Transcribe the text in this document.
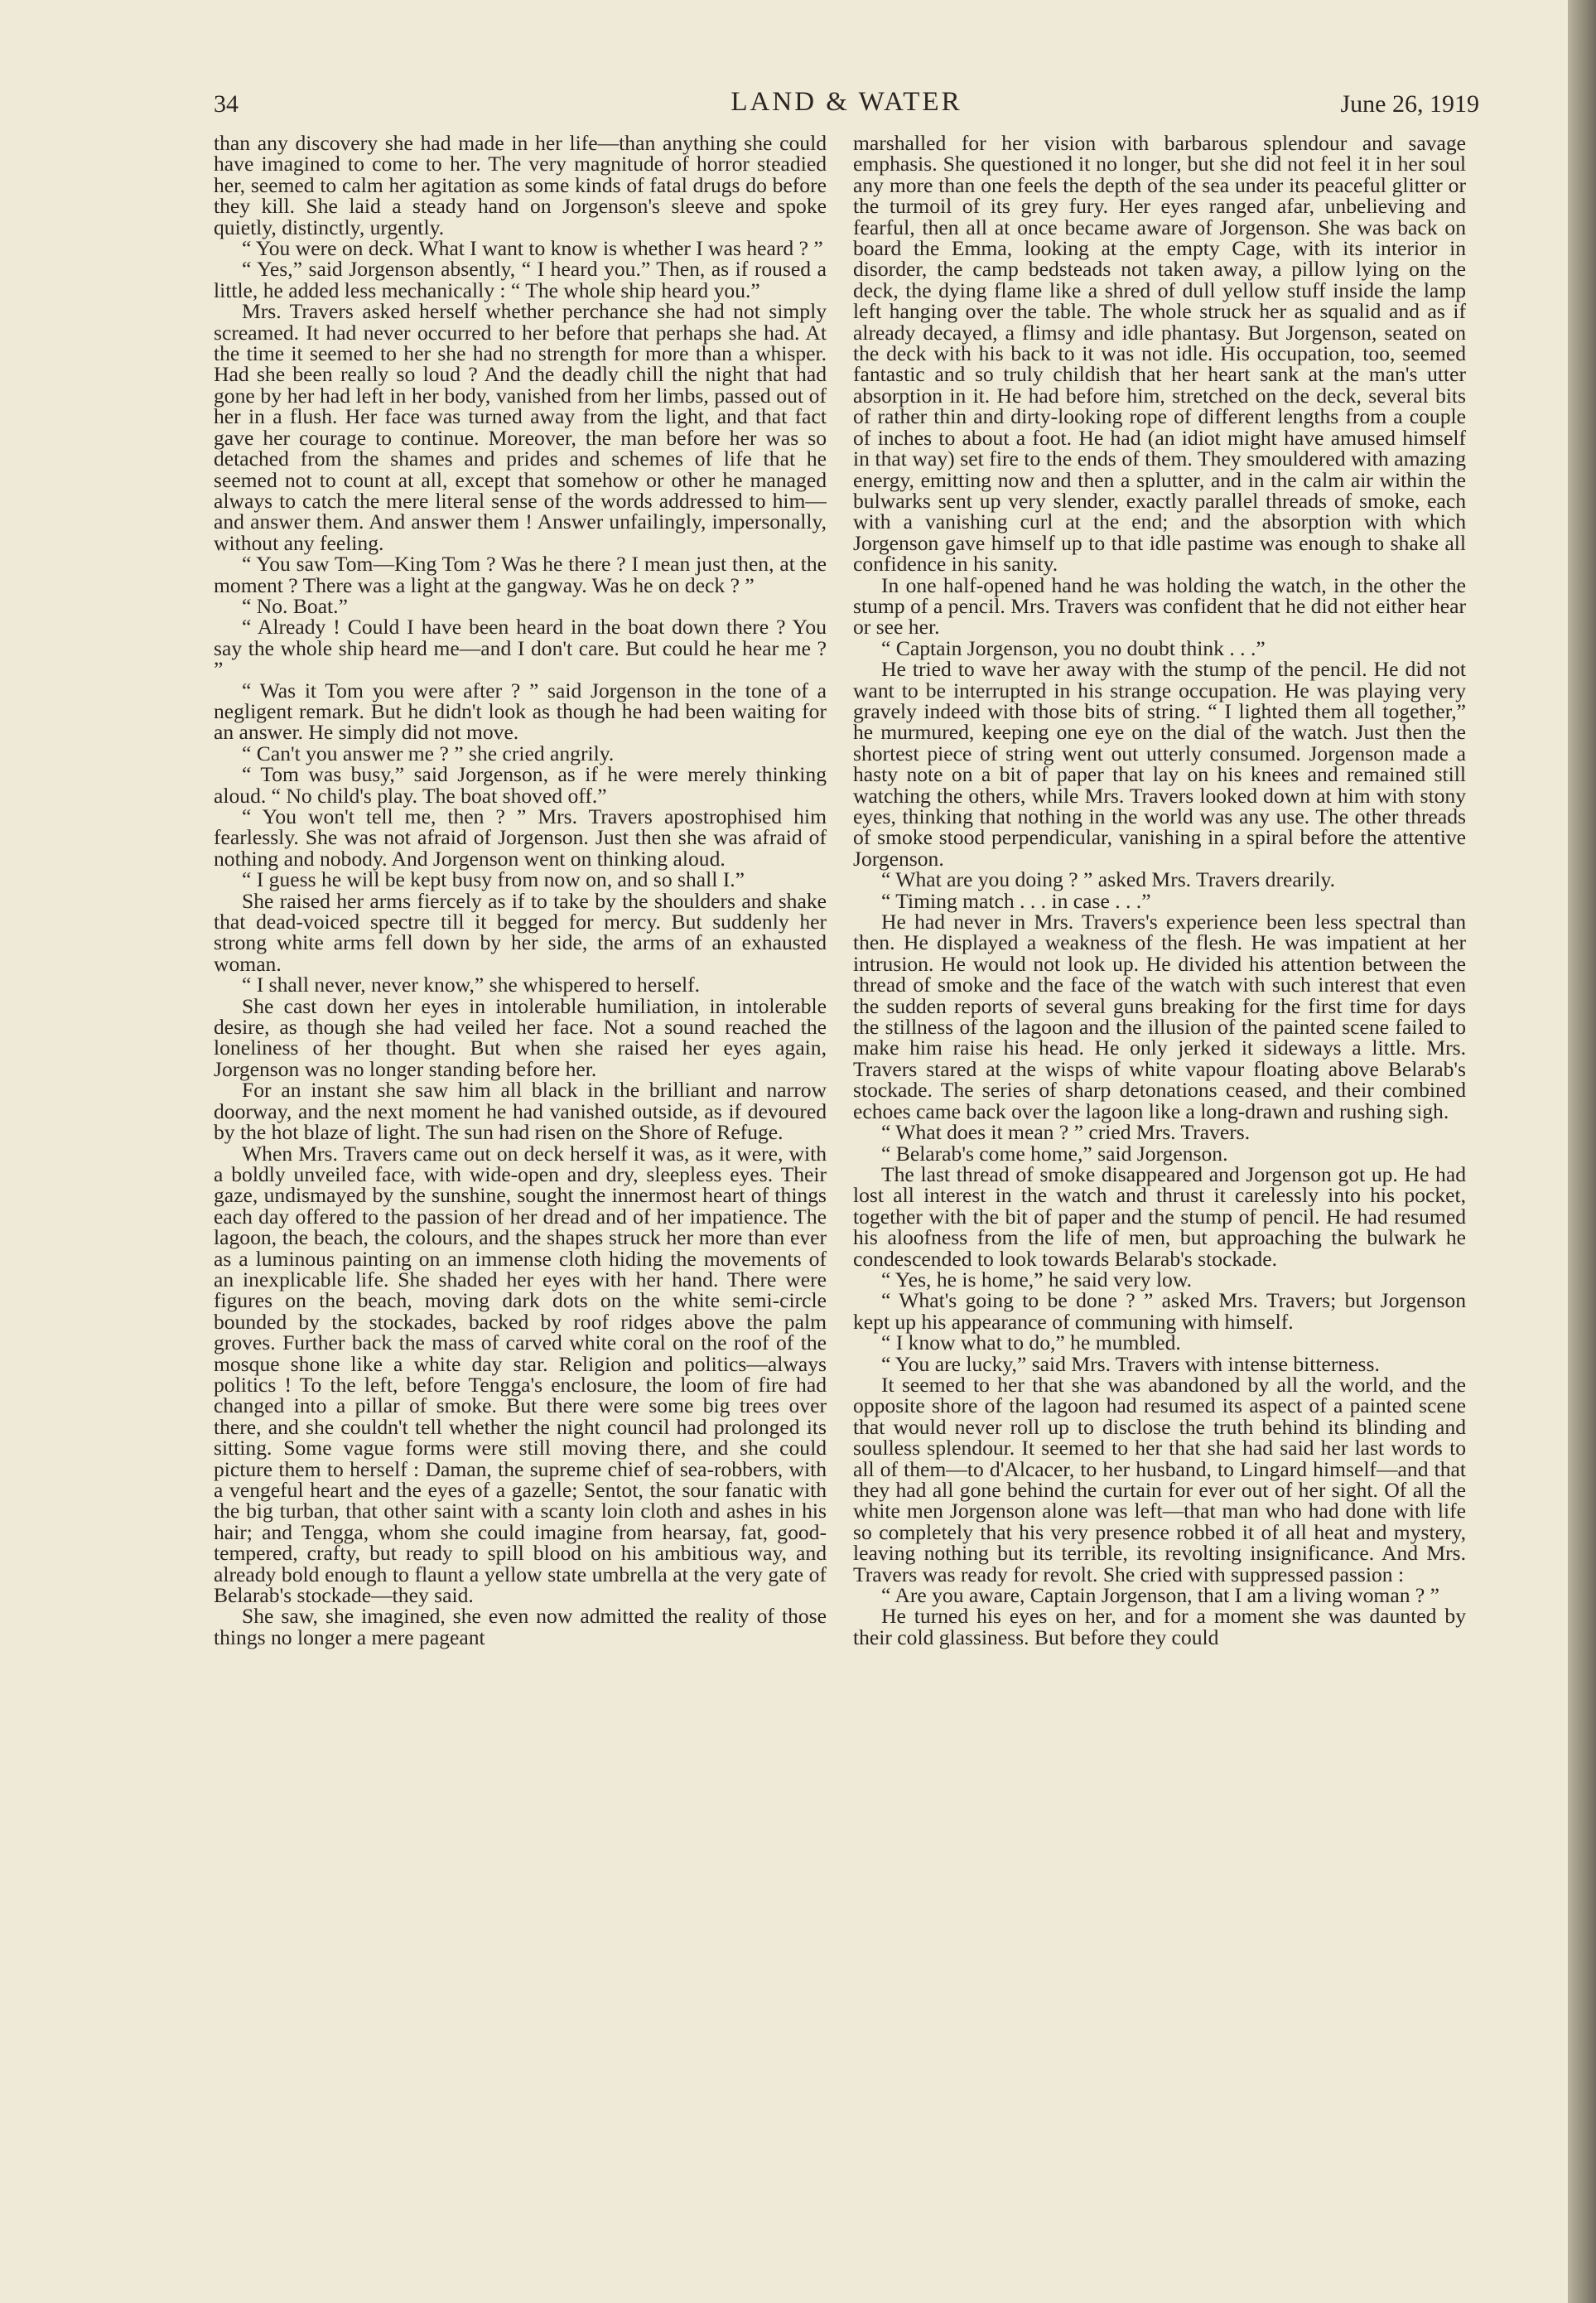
34	LAND & WATER	June 26, 1919

than any discovery she had made in her life—than anything she could have imagined to come to her. The very magnitude of horror steadied her, seemed to calm her agitation as some kinds of fatal drugs do before they kill. She laid a steady hand on Jorgenson's sleeve and spoke quietly, distinctly, urgently.

“ You were on deck. What I want to know is whether I was heard ? ”

“ Yes,” said Jorgenson absently, “ I heard you.” Then, as if roused a little, he added less mechanically : “ The whole ship heard you.”

Mrs. Travers asked herself whether perchance she had not simply screamed. It had never occurred to her before that perhaps she had. At the time it seemed to her she had no strength for more than a whisper. Had she been really so loud ? And the deadly chill the night that had gone by her had left in her body, vanished from her limbs, passed out of her in a flush. Her face was turned away from the light, and that fact gave her courage to continue. Moreover, the man before her was so detached from the shames and prides and schemes of life that he seemed not to count at all, except that somehow or other he managed always to catch the mere literal sense of the words addressed to him—and answer them. And answer them ! Answer unfailingly, impersonally, without any feeling.

“ You saw Tom—King Tom ? Was he there ? I mean just then, at the moment ? There was a light at the gangway. Was he on deck ? ”

“ No. Boat.”

“ Already ! Could I have been heard in the boat down there ? You say the whole ship heard me—and I don't care. But could he hear me ? ”

“ Was it Tom you were after ? ” said Jorgenson in the tone of a negligent remark. But he didn't look as though he had been waiting for an answer. He simply did not move.

“ Can't you answer me ? ” she cried angrily.

“ Tom was busy,” said Jorgenson, as if he were merely thinking aloud. “ No child's play. The boat shoved off.”

“ You won't tell me, then ? ” Mrs. Travers apostrophised him fearlessly. She was not afraid of Jorgenson. Just then she was afraid of nothing and nobody. And Jorgenson went on thinking aloud.

“ I guess he will be kept busy from now on, and so shall I.”

She raised her arms fiercely as if to take by the shoulders and shake that dead-voiced spectre till it begged for mercy. But suddenly her strong white arms fell down by her side, the arms of an exhausted woman.

“ I shall never, never know,” she whispered to herself.

She cast down her eyes in intolerable humiliation, in intolerable desire, as though she had veiled her face. Not a sound reached the loneliness of her thought. But when she raised her eyes again, Jorgenson was no longer standing before her.

For an instant she saw him all black in the brilliant and narrow doorway, and the next moment he had vanished outside, as if devoured by the hot blaze of light. The sun had risen on the Shore of Refuge.

When Mrs. Travers came out on deck herself it was, as it were, with a boldly unveiled face, with wide-open and dry, sleepless eyes. Their gaze, undismayed by the sunshine, sought the innermost heart of things each day offered to the passion of her dread and of her impatience. The lagoon, the beach, the colours, and the shapes struck her more than ever as a luminous painting on an immense cloth hiding the movements of an inexplicable life. She shaded her eyes with her hand. There were figures on the beach, moving dark dots on the white semi-circle bounded by the stockades, backed by roof ridges above the palm groves. Further back the mass of carved white coral on the roof of the mosque shone like a white day star. Religion and politics—always politics ! To the left, before Tengga's enclosure, the loom of fire had changed into a pillar of smoke. But there were some big trees over there, and she couldn't tell whether the night council had prolonged its sitting. Some vague forms were still moving there, and she could picture them to herself : Daman, the supreme chief of sea-robbers, with a vengeful heart and the eyes of a gazelle; Sentot, the sour fanatic with the big turban, that other saint with a scanty loin cloth and ashes in his hair; and Tengga, whom she could imagine from hearsay, fat, good-tempered, crafty, but ready to spill blood on his ambitious way, and already bold enough to flaunt a yellow state umbrella at the very gate of Belarab's stockade—they said.

She saw, she imagined, she even now admitted the reality of those things no longer a mere pageant

marshalled for her vision with barbarous splendour and savage emphasis. She questioned it no longer, but she did not feel it in her soul any more than one feels the depth of the sea under its peaceful glitter or the turmoil of its grey fury. Her eyes ranged afar, unbelieving and fearful, then all at once became aware of Jorgenson. She was back on board the Emma, looking at the empty Cage, with its interior in disorder, the camp bedsteads not taken away, a pillow lying on the deck, the dying flame like a shred of dull yellow stuff inside the lamp left hanging over the table. The whole struck her as squalid and as if already decayed, a flimsy and idle phantasy. But Jorgenson, seated on the deck with his back to it was not idle. His occupation, too, seemed fantastic and so truly childish that her heart sank at the man's utter absorption in it. He had before him, stretched on the deck, several bits of rather thin and dirty-looking rope of different lengths from a couple of inches to about a foot. He had (an idiot might have amused himself in that way) set fire to the ends of them. They smouldered with amazing energy, emitting now and then a splutter, and in the calm air within the bulwarks sent up very slender, exactly parallel threads of smoke, each with a vanishing curl at the end; and the absorption with which Jorgenson gave himself up to that idle pastime was enough to shake all confidence in his sanity.

In one half-opened hand he was holding the watch, in the other the stump of a pencil. Mrs. Travers was confident that he did not either hear or see her.

“ Captain Jorgenson, you no doubt think . . .”

He tried to wave her away with the stump of the pencil. He did not want to be interrupted in his strange occupation. He was playing very gravely indeed with those bits of string. “ I lighted them all together,” he murmured, keeping one eye on the dial of the watch. Just then the shortest piece of string went out utterly consumed. Jorgenson made a hasty note on a bit of paper that lay on his knees and remained still watching the others, while Mrs. Travers looked down at him with stony eyes, thinking that nothing in the world was any use. The other threads of smoke stood perpendicular, vanishing in a spiral before the attentive Jorgenson.

“ What are you doing ? ” asked Mrs. Travers drearily.

“ Timing match . . . in case . . .”

He had never in Mrs. Travers's experience been less spectral than then. He displayed a weakness of the flesh. He was impatient at her intrusion. He would not look up. He divided his attention between the thread of smoke and the face of the watch with such interest that even the sudden reports of several guns breaking for the first time for days the stillness of the lagoon and the illusion of the painted scene failed to make him raise his head. He only jerked it sideways a little. Mrs. Travers stared at the wisps of white vapour floating above Belarab's stockade. The series of sharp detonations ceased, and their combined echoes came back over the lagoon like a long-drawn and rushing sigh.

“ What does it mean ? ” cried Mrs. Travers.

“ Belarab's come home,” said Jorgenson.

The last thread of smoke disappeared and Jorgenson got up. He had lost all interest in the watch and thrust it carelessly into his pocket, together with the bit of paper and the stump of pencil. He had resumed his aloofness from the life of men, but approaching the bulwark he condescended to look towards Belarab's stockade.

“ Yes, he is home,” he said very low.

“ What's going to be done ? ” asked Mrs. Travers; but Jorgenson kept up his appearance of communing with himself.

“ I know what to do,” he mumbled.

“ You are lucky,” said Mrs. Travers with intense bitterness.

It seemed to her that she was abandoned by all the world, and the opposite shore of the lagoon had resumed its aspect of a painted scene that would never roll up to disclose the truth behind its blinding and soulless splendour. It seemed to her that she had said her last words to all of them—to d'Alcacer, to her husband, to Lingard himself—and that they had all gone behind the curtain for ever out of her sight. Of all the white men Jorgenson alone was left—that man who had done with life so completely that his very presence robbed it of all heat and mystery, leaving nothing but its terrible, its revolting insignificance. And Mrs. Travers was ready for revolt. She cried with suppressed passion :

“ Are you aware, Captain Jorgenson, that I am a living woman ? ”

He turned his eyes on her, and for a moment she was daunted by their cold glassiness. But before they could
